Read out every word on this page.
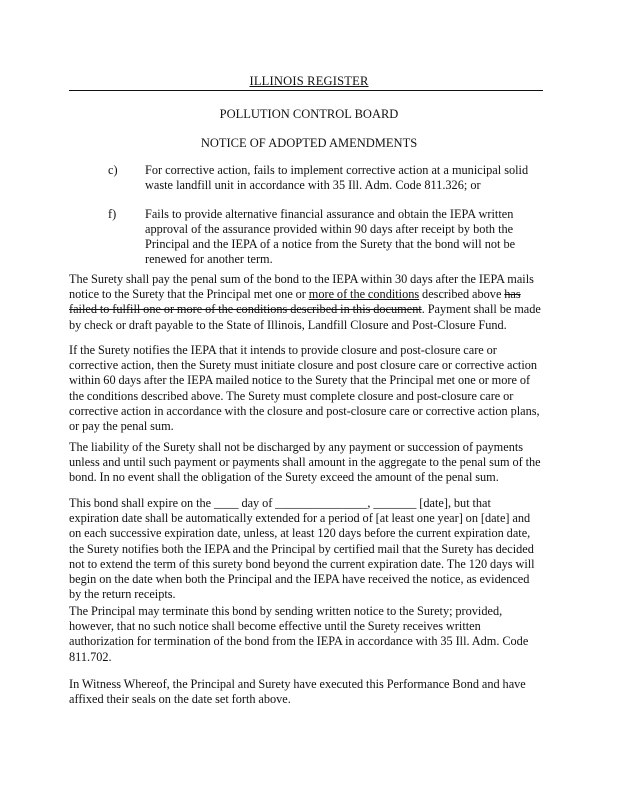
ILLINOIS REGISTER
POLLUTION CONTROL BOARD
NOTICE OF ADOPTED AMENDMENTS
c) For corrective action, fails to implement corrective action at a municipal solid waste landfill unit in accordance with 35 Ill. Adm. Code 811.326; or
f) Fails to provide alternative financial assurance and obtain the IEPA written approval of the assurance provided within 90 days after receipt by both the Principal and the IEPA of a notice from the Surety that the bond will not be renewed for another term.
The Surety shall pay the penal sum of the bond to the IEPA within 30 days after the IEPA mails notice to the Surety that the Principal met one or more of the conditions described above has failed to fulfill one or more of the conditions described in this document. Payment shall be made by check or draft payable to the State of Illinois, Landfill Closure and Post-Closure Fund.
If the Surety notifies the IEPA that it intends to provide closure and post-closure care or corrective action, then the Surety must initiate closure and post closure care or corrective action within 60 days after the IEPA mailed notice to the Surety that the Principal met one or more of the conditions described above. The Surety must complete closure and post-closure care or corrective action in accordance with the closure and post-closure care or corrective action plans, or pay the penal sum.
The liability of the Surety shall not be discharged by any payment or succession of payments unless and until such payment or payments shall amount in the aggregate to the penal sum of the bond. In no event shall the obligation of the Surety exceed the amount of the penal sum.
This bond shall expire on the ____ day of _______________, _______ [date], but that expiration date shall be automatically extended for a period of [at least one year] on [date] and on each successive expiration date, unless, at least 120 days before the current expiration date, the Surety notifies both the IEPA and the Principal by certified mail that the Surety has decided not to extend the term of this surety bond beyond the current expiration date. The 120 days will begin on the date when both the Principal and the IEPA have received the notice, as evidenced by the return receipts.
The Principal may terminate this bond by sending written notice to the Surety; provided, however, that no such notice shall become effective until the Surety receives written authorization for termination of the bond from the IEPA in accordance with 35 Ill. Adm. Code 811.702.
In Witness Whereof, the Principal and Surety have executed this Performance Bond and have affixed their seals on the date set forth above.
